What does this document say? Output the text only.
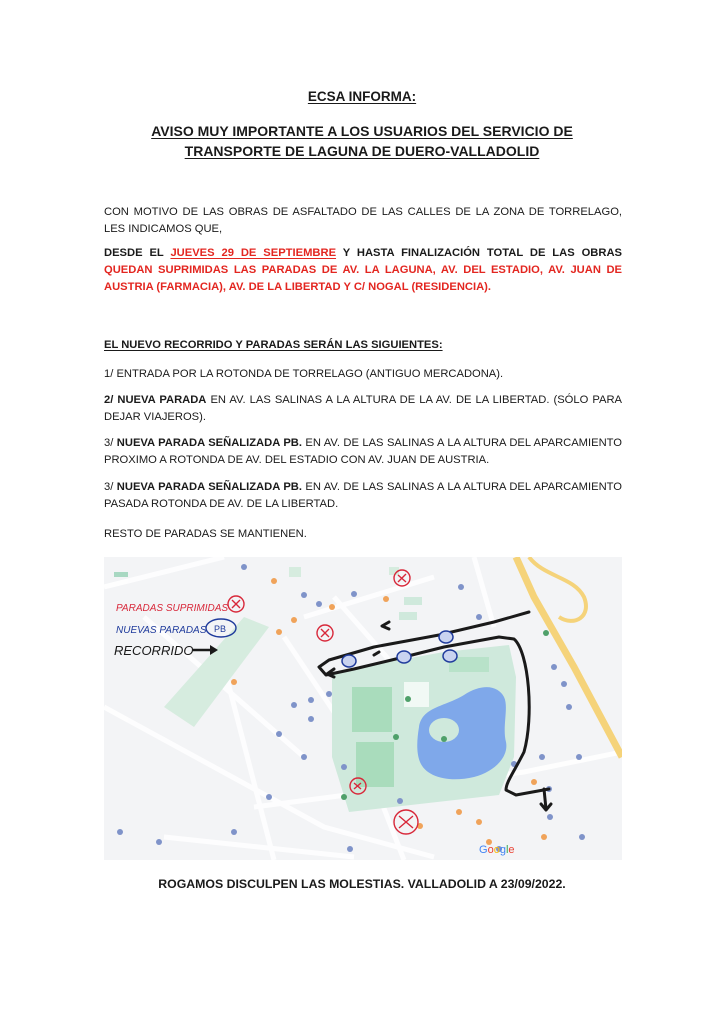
ECSA INFORMA:
AVISO MUY IMPORTANTE A LOS USUARIOS DEL SERVICIO DE
TRANSPORTE DE LAGUNA DE DUERO-VALLADOLID
CON MOTIVO DE LAS OBRAS DE ASFALTADO DE LAS CALLES DE LA ZONA DE TORRELAGO, LES INDICAMOS QUE,
DESDE EL JUEVES 29 DE SEPTIEMBRE Y HASTA FINALIZACIÓN TOTAL DE LAS OBRAS QUEDAN SUPRIMIDAS LAS PARADAS DE AV. LA LAGUNA, AV. DEL ESTADIO, AV. JUAN DE AUSTRIA (FARMACIA), AV. DE LA LIBERTAD Y C/ NOGAL (RESIDENCIA).
EL NUEVO RECORRIDO Y PARADAS SERÁN LAS SIGUIENTES:
1/ ENTRADA POR LA ROTONDA DE TORRELAGO (ANTIGUO MERCADONA).
2/ NUEVA PARADA EN AV. LAS SALINAS A LA ALTURA DE LA AV. DE LA LIBERTAD. (SÓLO PARA DEJAR VIAJEROS).
3/ NUEVA PARADA SEÑALIZADA PB. EN AV. DE LAS SALINAS A LA ALTURA DEL APARCAMIENTO PROXIMO A ROTONDA DE AV. DEL ESTADIO CON AV. JUAN DE AUSTRIA.
3/ NUEVA PARADA SEÑALIZADA PB. EN AV. DE LAS SALINAS A LA ALTURA DEL APARCAMIENTO PASADA ROTONDA DE AV. DE LA LIBERTAD.
RESTO DE PARADAS SE MANTIENEN.
PARADAS SUPRIMIDAS
NUEVAS PARADAS PB
RECORRIDO
Google
ROGAMOS DISCULPEN LAS MOLESTIAS. VALLADOLID A 23/09/2022.
